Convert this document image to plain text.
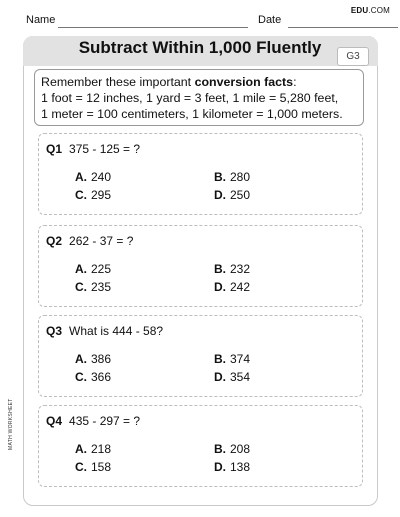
EDU.COM
Name	Date
Subtract Within 1,000 Fluently	G3
Remember these important conversion facts:
1 foot = 12 inches, 1 yard = 3 feet, 1 mile = 5,280 feet,
1 meter = 100 centimeters, 1 kilometer = 1,000 meters.
Q1 375 - 125 = ?
A. 240	B. 280
C. 295	D. 250
Q2 262 - 37 = ?
A. 225	B. 232
C. 235	D. 242
Q3 What is 444 - 58?
A. 386	B. 374
C. 366	D. 354
Q4 435 - 297 = ?
A. 218	B. 208
C. 158	D. 138
MATH WORKSHEET
